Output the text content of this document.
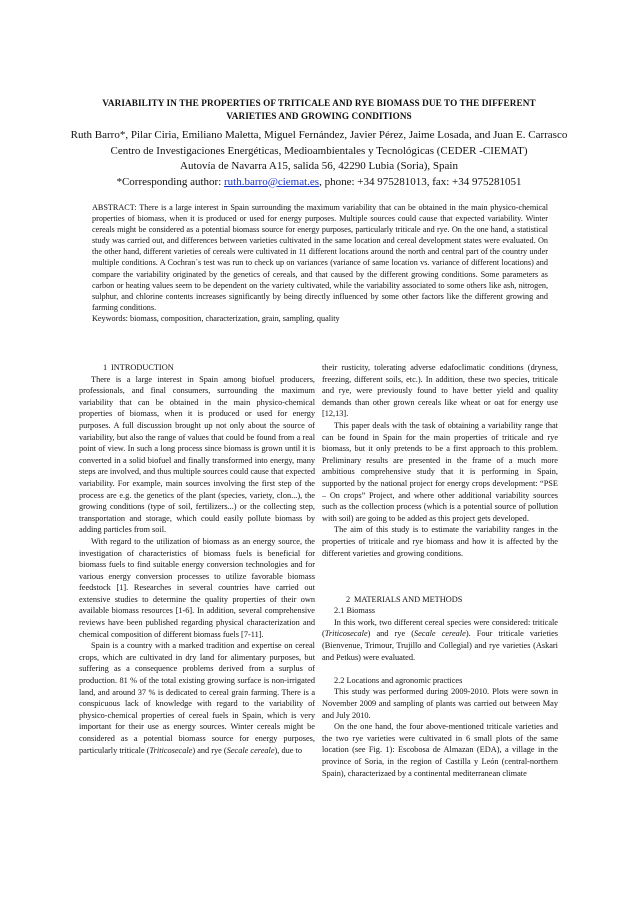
VARIABILITY IN THE PROPERTIES OF TRITICALE AND RYE BIOMASS DUE TO THE DIFFERENT
VARIETIES AND GROWING CONDITIONS
Ruth Barro*, Pilar Ciria, Emiliano Maletta, Miguel Fernández, Javier Pérez, Jaime Losada, and Juan E. Carrasco
Centro de Investigaciones Energéticas, Medioambientales y Tecnológicas (CEDER -CIEMAT)
Autovía de Navarra A15, salida 56, 42290 Lubia (Soria), Spain
*Corresponding author: ruth.barro@ciemat.es, phone: +34 975281013, fax: +34 975281051

ABSTRACT: There is a large interest in Spain surrounding the maximum variability that can be obtained in the main physico-chemical properties of biomass, when it is produced or used for energy purposes. Multiple sources could cause that expected variability. Winter cereals might be considered as a potential biomass source for energy purposes, particularly triticale and rye. On the one hand, a statistical study was carried out, and differences between varieties cultivated in the same location and cereal development states were evaluated. On the other hand, different varieties of cereals were cultivated in 11 different locations around the north and central part of the country under multiple conditions. A Cochran´s test was run to check up on variances (variance of same location vs. variance of different locations) and compare the variability originated by the genetics of cereals, and that caused by the different growing conditions. Some parameters as carbon or heating values seem to be dependent on the variety cultivated, while the variability associated to some others like ash, nitrogen, sulphur, and chlorine contents increases significantly by being directly influenced by some other factors like the different growing and farming conditions.

Keywords: biomass, composition, characterization, grain, sampling, quality

1 INTRODUCTION

There is a large interest in Spain among biofuel producers, professionals, and final consumers, surrounding the maximum variability that can be obtained in the main physico-chemical properties of biomass, when it is produced or used for energy purposes. A full discussion brought up not only about the source of variability, but also the range of values that could be found from a real point of view. In such a long process since biomass is grown until it is converted in a solid biofuel and finally transformed into energy, many steps are involved, and thus multiple sources could cause that expected variability. For example, main sources involving the first step of the process are e.g. the genetics of the plant (species, variety, clon...), the growing conditions (type of soil, fertilizers...) or the collecting step, transportation and storage, which could easily pollute biomass by adding particles from soil.

With regard to the utilization of biomass as an energy source, the investigation of characteristics of biomass fuels is beneficial for biomass fuels to find suitable energy conversion technologies and for various energy conversion processes to utilize favorable biomass feedstock [1]. Researches in several countries have carried out extensive studies to determine the quality properties of their own available biomass resources [1-6]. In addition, several comprehensive reviews have been published regarding physical characterization and chemical composition of different biomass fuels [7-11].

Spain is a country with a marked tradition and expertise on cereal crops, which are cultivated in dry land for alimentary purposes, but suffering as a consequence problems derived from a surplus of production. 81 % of the total existing growing surface is non-irrigated land, and around 37 % is dedicated to cereal grain farming. There is a conspicuous lack of knowledge with regard to the variability of physico-chemical properties of cereal fuels in Spain, which is very important for their use as energy sources. Winter cereals might be considered as a potential biomass source for energy purposes, particularly triticale (Triticosecale) and rye (Secale cereale), due to

their rusticity, tolerating adverse edafoclimatic conditions (dryness, freezing, different soils, etc.). In addition, these two species, triticale and rye, were previously found to have better yield and quality demands than other grown cereals like wheat or oat for energy use [12,13].

This paper deals with the task of obtaining a variability range that can be found in Spain for the main properties of triticale and rye biomass, but it only pretends to be a first approach to this problem. Preliminary results are presented in the frame of a much more ambitious comprehensive study that it is performing in Spain, supported by the national project for energy crops development: “PSE – On crops” Project, and where other additional variability sources such as the collection process (which is a potential source of pollution with soil) are going to be added as this project gets developed.

The aim of this study is to estimate the variability ranges in the properties of triticale and rye biomass and how it is affected by the different varieties and growing conditions.

2 MATERIALS AND METHODS

2.1 Biomass

In this work, two different cereal species were considered: triticale (Triticosecale) and rye (Secale cereale). Four triticale varieties (Bienvenue, Trimour, Trujillo and Collegial) and rye varieties (Askari and Petkus) were evaluated.

2.2 Locations and agronomic practices

This study was performed during 2009-2010. Plots were sown in November 2009 and sampling of plants was carried out between May and July 2010.

On the one hand, the four above-mentioned triticale varieties and the two rye varieties were cultivated in 6 small plots of the same location (see Fig. 1): Escobosa de Almazan (EDA), a village in the province of Soria, in the region of Castilla y León (central-northern Spain), characterizaed by a continental mediterranean climate
